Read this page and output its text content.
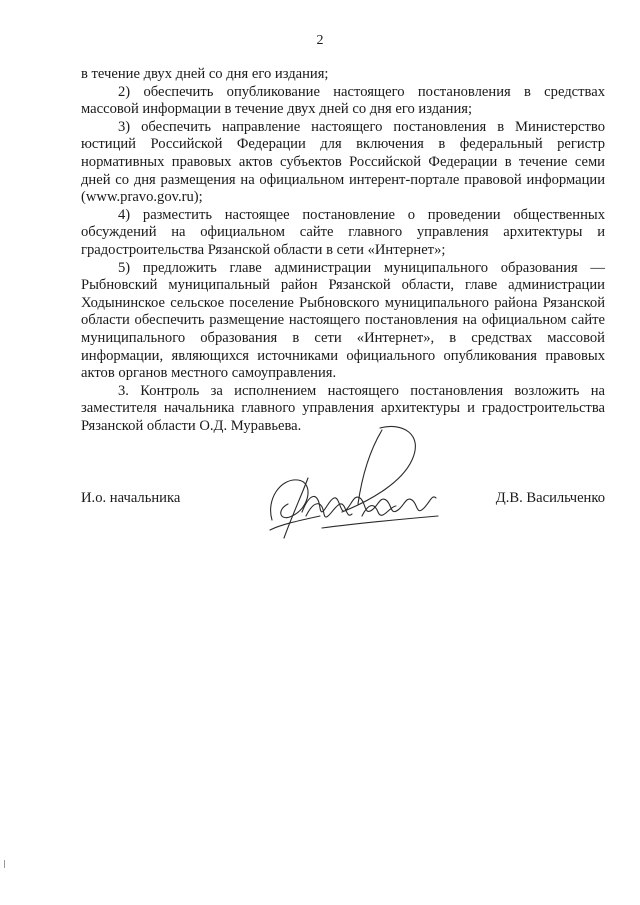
2

в течение двух дней со дня его издания;

2) обеспечить опубликование настоящего постановления в средствах массовой информации в течение двух дней со дня его издания;

3) обеспечить направление настоящего постановления в Министерство юстиций Российской Федерации для включения в федеральный регистр нормативных правовых актов субъектов Российской Федерации в течение семи дней со дня размещения на официальном интерент-портале правовой информации (www.pravo.gov.ru);

4) разместить настоящее постановление о проведении общественных обсуждений на официальном сайте главного управления архитектуры и градостроительства Рязанской области в сети «Интернет»;

5) предложить главе администрации муниципального образования — Рыбновский муниципальный район Рязанской области, главе администрации Ходынинское сельское поселение Рыбновского муниципального района Рязанской области обеспечить размещение настоящего постановления на официальном сайте муниципального образования в сети «Интернет», в средствах массовой информации, являющихся источниками официального опубликования правовых актов органов местного самоуправления.

3. Контроль за исполнением настоящего постановления возложить на заместителя начальника главного управления архитектуры и градостроительства Рязанской области О.Д. Муравьева.

И.о. начальника	Д.В. Васильченко
